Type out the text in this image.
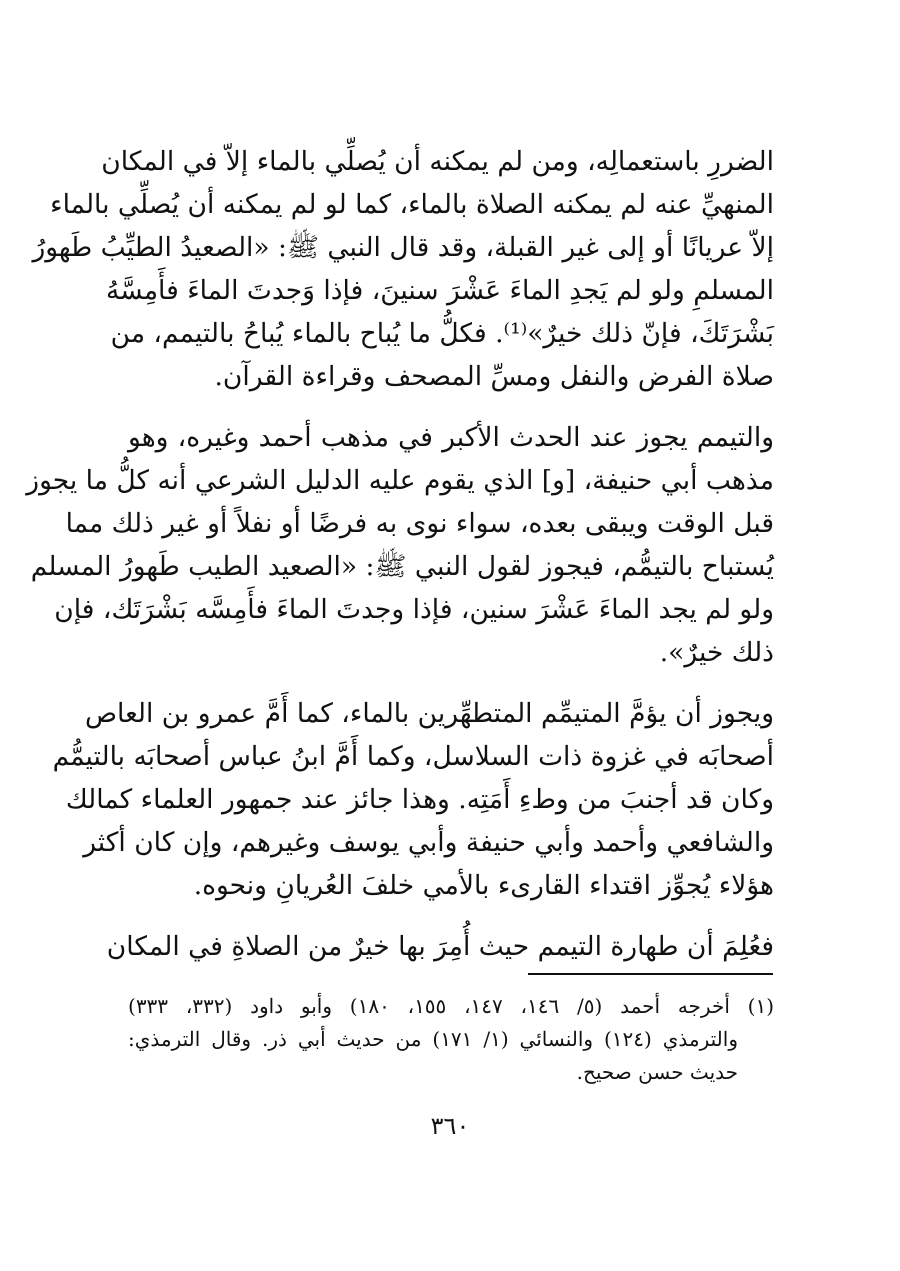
الضررِ باستعمالِه، ومن لم يمكنه أن يُصلِّي بالماء إلاّ في المكان
المنهيِّ عنه لم يمكنه الصلاة بالماء، كما لو لم يمكنه أن يُصلِّي بالماء
إلاّ عريانًا أو إلى غير القبلة، وقد قال النبي ﷺ: «الصعيدُ الطيِّبُ طَهورُ
المسلمِ ولو لم يَجدِ الماءَ عَشْرَ سنينَ، فإذا وَجدتَ الماءَ فأَمِسَّهُ
بَشْرَتَكَ، فإنّ ذلك خيرٌ»⁽¹⁾. فكلُّ ما يُباح بالماء يُباحُ بالتيمم، من
صلاة الفرض والنفل ومسِّ المصحف وقراءة القرآن.
والتيمم يجوز عند الحدث الأكبر في مذهب أحمد وغيره، وهو
مذهب أبي حنيفة، [و] الذي يقوم عليه الدليل الشرعي أنه كلُّ ما يجوز
قبل الوقت ويبقى بعده، سواء نوى به فرضًا أو نفلاً أو غير ذلك مما
يُستباح بالتيمُّم، فيجوز لقول النبي ﷺ: «الصعيد الطيب طَهورُ المسلم
ولو لم يجد الماءَ عَشْرَ سنين، فإذا وجدتَ الماءَ فأَمِسَّه بَشْرَتَك، فإن
ذلك خيرٌ».
ويجوز أن يؤمَّ المتيمِّم المتطهِّرين بالماء، كما أَمَّ عمرو بن العاص
أصحابَه في غزوة ذات السلاسل، وكما أَمَّ ابنُ عباس أصحابَه بالتيمُّم
وكان قد أجنبَ من وطءِ أَمَتِه. وهذا جائز عند جمهور العلماء كمالك
والشافعي وأحمد وأبي حنيفة وأبي يوسف وغيرهم، وإن كان أكثر
هؤلاء يُجوِّز اقتداء القارىء بالأمي خلفَ العُريانِ ونحوه.
فعُلِمَ أن طهارة التيمم حيث أُمِرَ بها خيرٌ من الصلاةِ في المكان
(١) أخرجه أحمد (٥/ ١٤٦، ١٤٧، ١٥٥، ١٨٠) وأبو داود (٣٣٢، ٣٣٣)
والترمذي (١٢٤) والنسائي (١/ ١٧١) من حديث أبي ذر. وقال الترمذي:
حديث حسن صحيح.
٣٦٠
